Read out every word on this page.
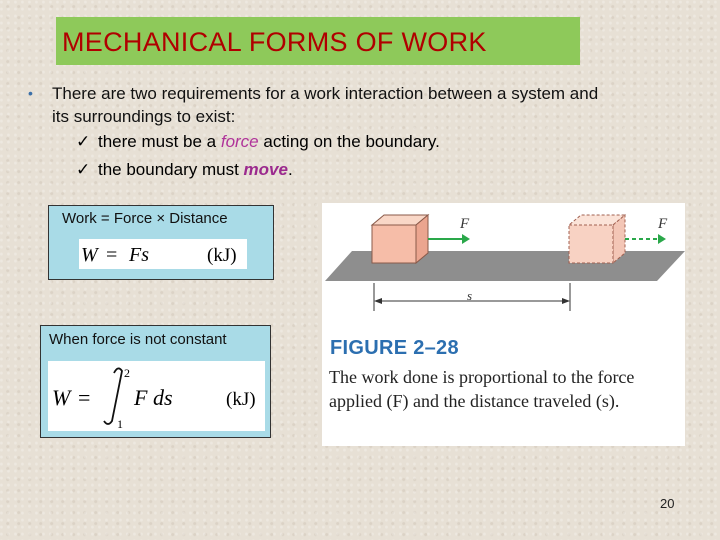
MECHANICAL FORMS OF WORK
• There are two requirements for a work interaction between a system and its surroundings to exist:
✓ there must be a force acting on the boundary.
✓ the boundary must move.
Work = Force × Distance
W = Fs	(kJ)
When force is not constant
W =
2
1
F ds	(kJ)
F	F
s
FIGURE 2–28
The work done is proportional to the force applied (F) and the distance traveled (s).
20
